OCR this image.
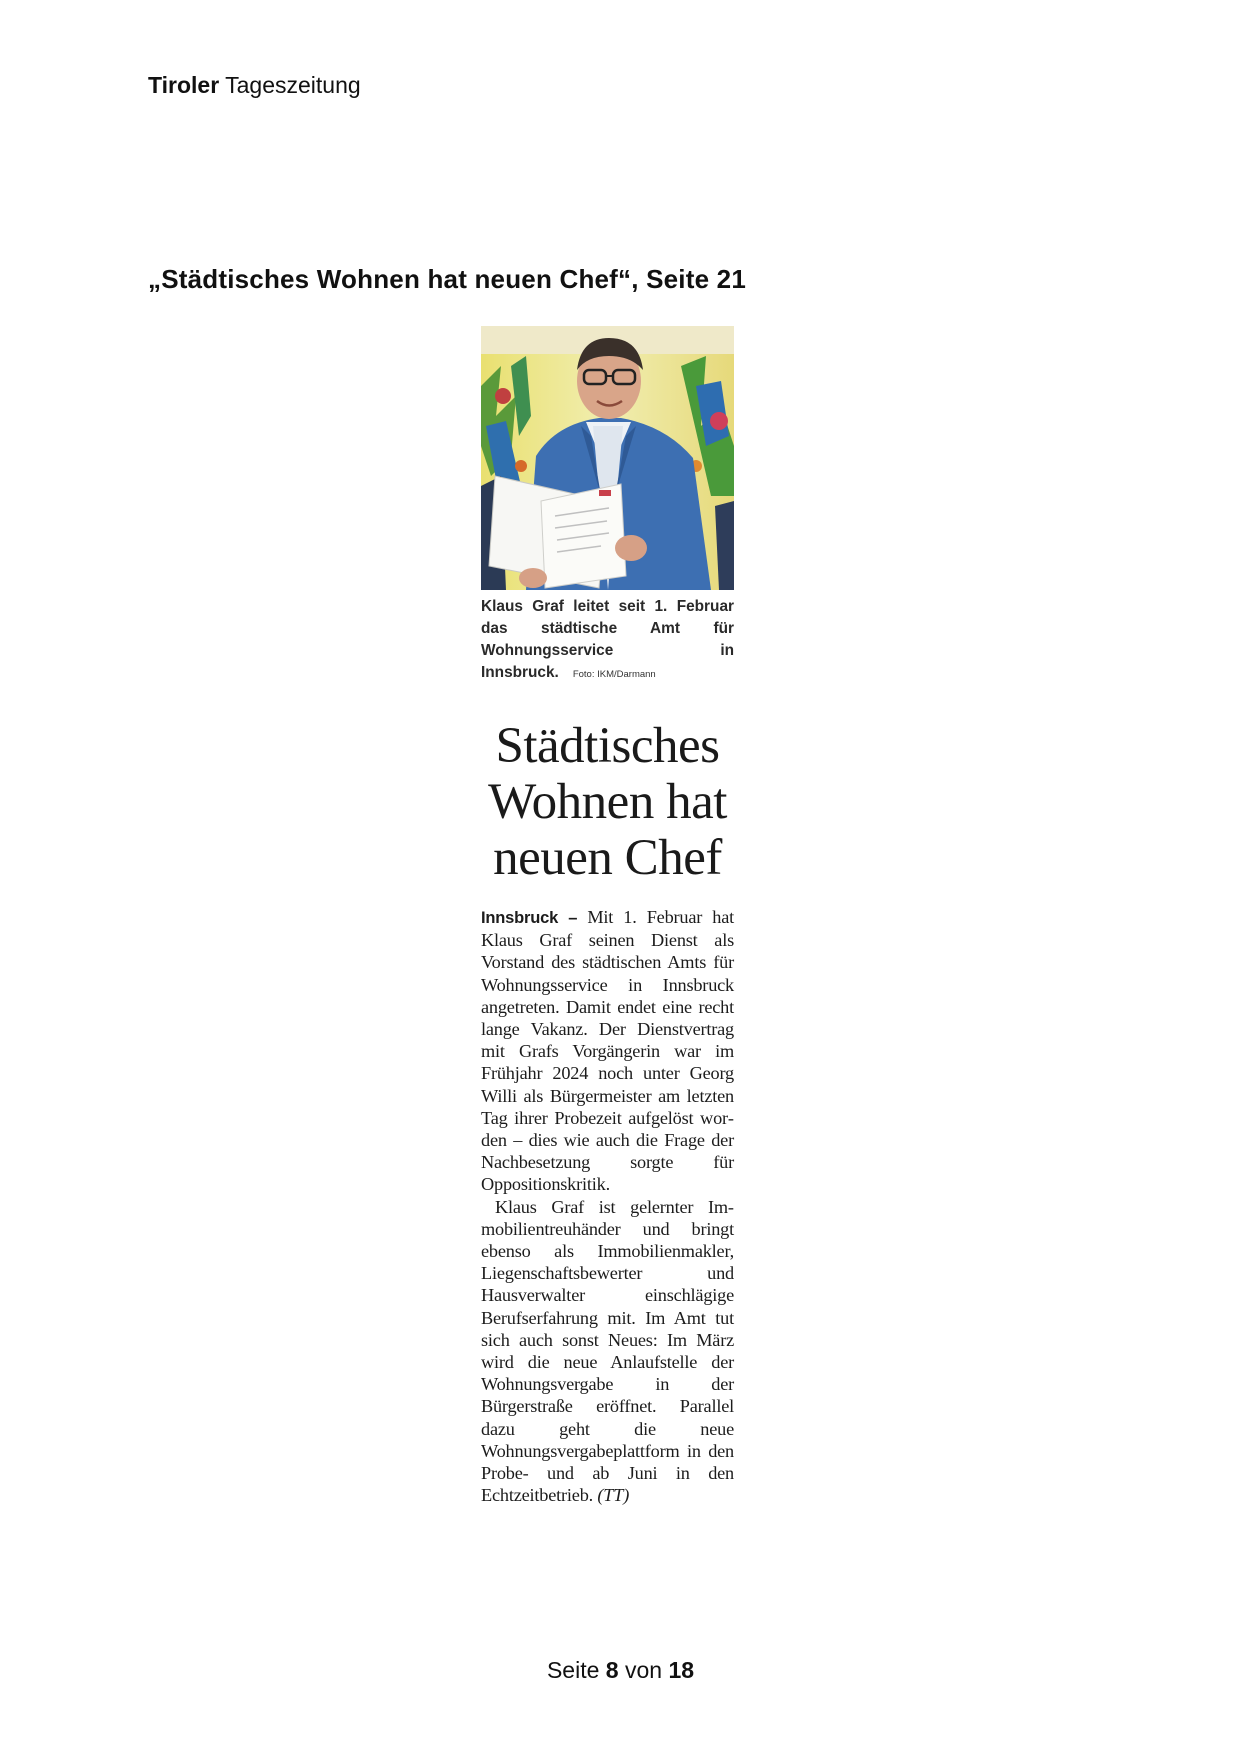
Tiroler Tageszeitung
„Städtisches Wohnen hat neuen Chef“, Seite 21
Klaus Graf leitet seit 1. Februar das städtische Amt für Wohnungsservice in Innsbruck. Foto: IKM/Darmann
Städtisches Wohnen hat neuen Chef

Innsbruck – Mit 1. Februar hat Klaus Graf seinen Dienst als Vorstand des städtischen Amts für Wohnungsservice in Innsbruck angetreten. Damit endet eine recht lange Vakanz. Der Dienstvertrag mit Grafs Vorgängerin war im Frühjahr 2024 noch unter Georg Willi als Bürgermeister am letzten Tag ihrer Probezeit aufgelöst worden – dies wie auch die Frage der Nachbesetzung sorgte für Oppositionskritik.

Klaus Graf ist gelernter Immobilientreuhänder und bringt ebenso als Immobilienmakler, Liegenschaftsbewerter und Hausverwalter einschlägige Berufserfahrung mit. Im Amt tut sich auch sonst Neues: Im März wird die neue Anlaufstelle der Wohnungsvergabe in der Bürgerstraße eröffnet. Parallel dazu geht die neue Wohnungsvergabeplattform in den Probe- und ab Juni in den Echtzeitbetrieb. (TT)

Seite 8 von 18
